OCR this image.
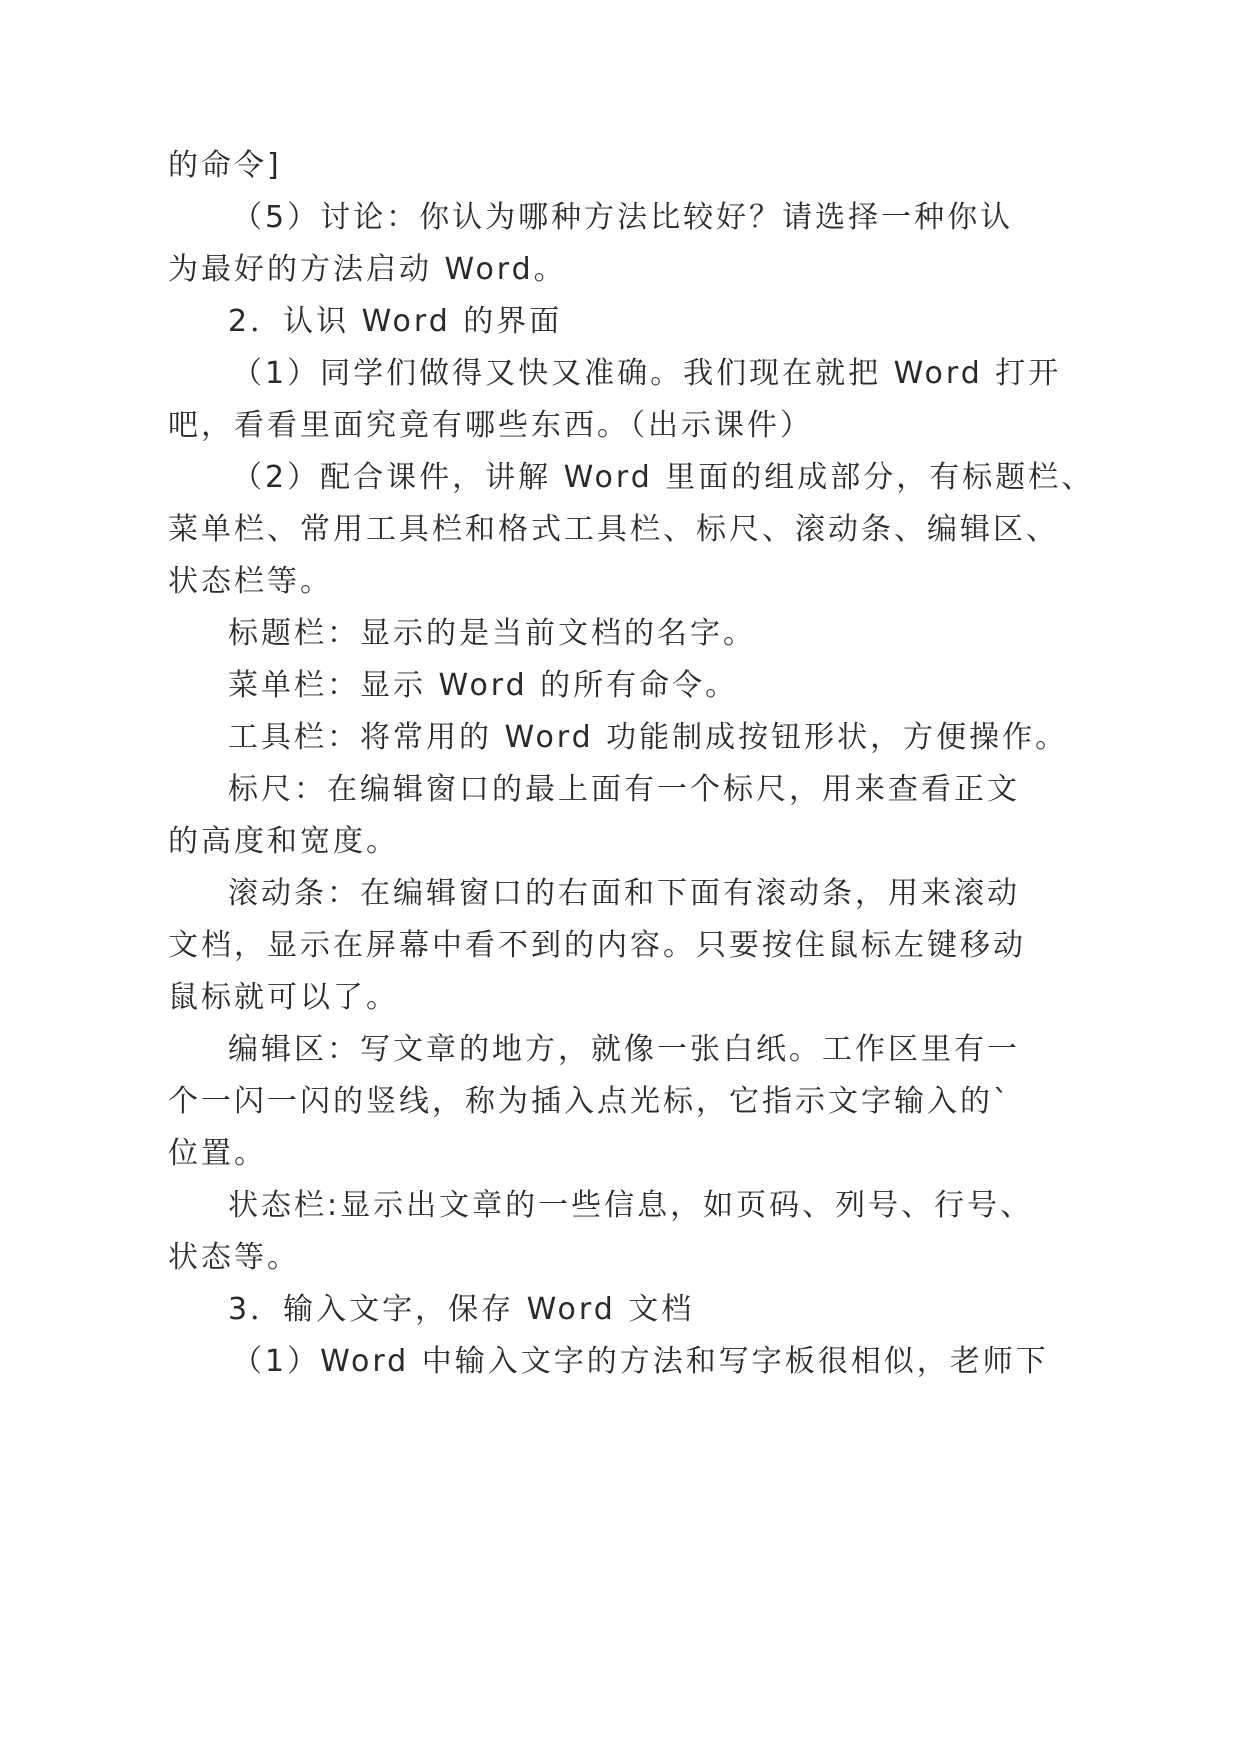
的命令]
（5）讨论：你认为哪种方法比较好？请选择一种你认
为最好的方法启动 Word。
2．认识 Word 的界面
（1）同学们做得又快又准确。我们现在就把 Word 打开
吧，看看里面究竟有哪些东西。（出示课件）
（2）配合课件，讲解 Word 里面的组成部分，有标题栏、
菜单栏、常用工具栏和格式工具栏、标尺、滚动条、编辑区、
状态栏等。
标题栏：显示的是当前文档的名字。
菜单栏：显示 Word 的所有命令。
工具栏：将常用的 Word 功能制成按钮形状，方便操作。
标尺：在编辑窗口的最上面有一个标尺，用来查看正文
的高度和宽度。
滚动条：在编辑窗口的右面和下面有滚动条，用来滚动
文档，显示在屏幕中看不到的内容。只要按住鼠标左键移动
鼠标就可以了。
编辑区：写文章的地方，就像一张白纸。工作区里有一
个一闪一闪的竖线，称为插入点光标，它指示文字输入的`
位置。
状态栏:显示出文章的一些信息，如页码、列号、行号、
状态等。
3．输入文字，保存 Word 文档
（1）Word 中输入文字的方法和写字板很相似，老师下
